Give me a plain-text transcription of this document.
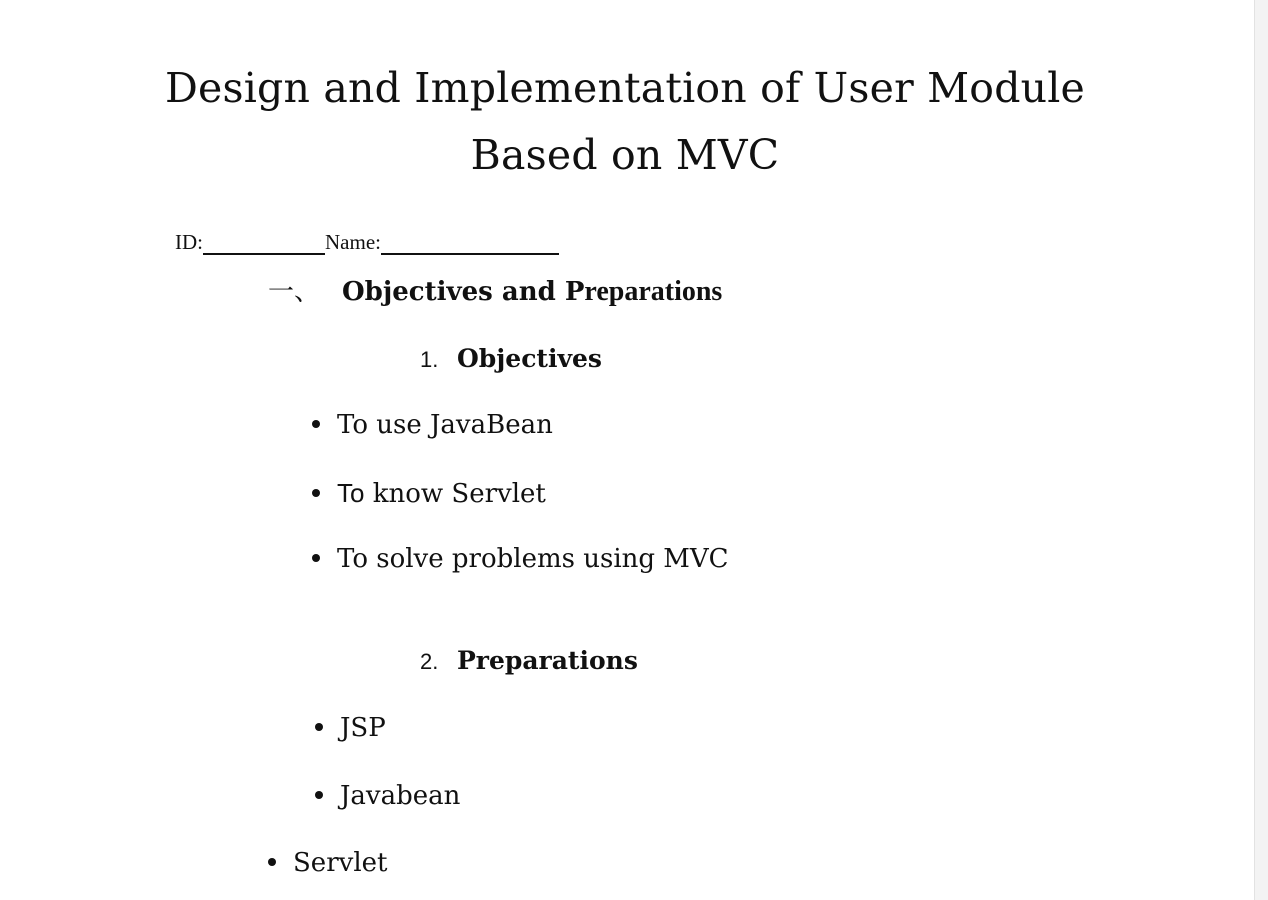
Design and Implementation of User Module
Based on MVC
ID:	Name:
一、 Objectives and Preparations
1. Objectives
To use JavaBean
To know Servlet
To solve problems using MVC
2. Preparations
JSP
Javabean
Servlet
